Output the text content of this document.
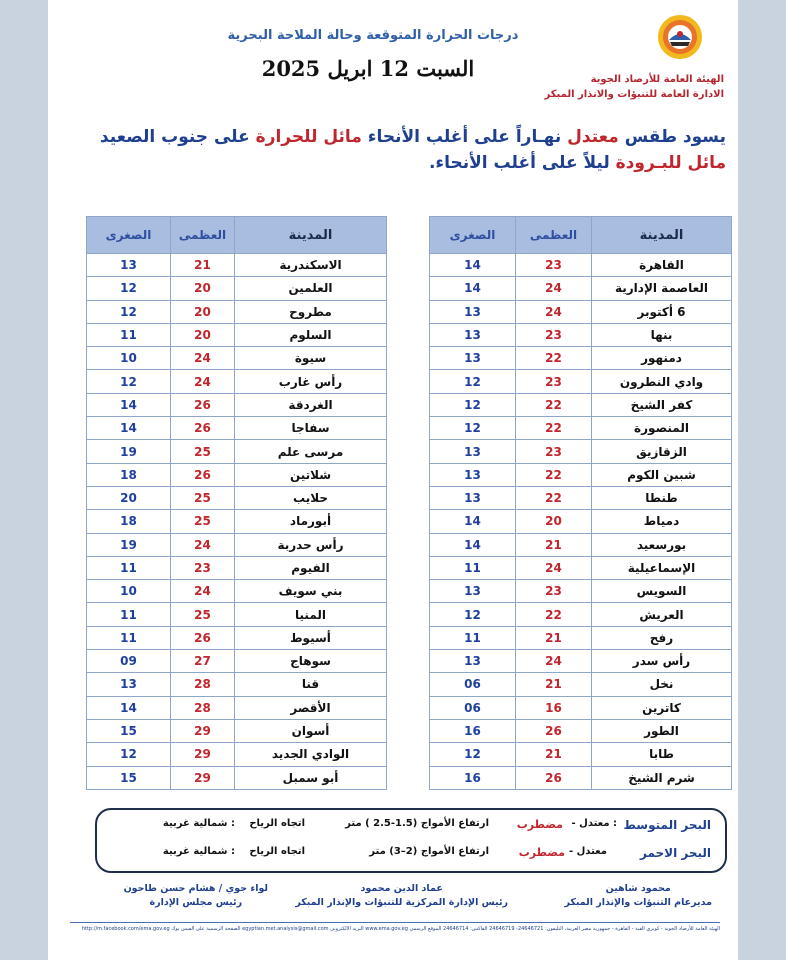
درجات الحرارة المتوقعة وحالة الملاحة البحرية
السبت 12 ابريل 2025	الهيئة العامة للأرصاد الجوية
الادارة العامة للتنبؤات والانذار المبكر
يسود طقس معتدل نهـاراً على أغلب الأنحاء مائل للحرارة على جنوب الصعيد مائل للبـرودة ليلاً على أغلب الأنحاء.
المدينة	العظمى	الصغرى
القاهرة	23	14
العاصمة الإدارية	24	14
6 أكتوبر	24	13
بنها	23	13
دمنهور	22	13
وادي النطرون	23	12
كفر الشيخ	22	12
المنصورة	22	12
الزقازيق	23	13
شبين الكوم	22	13
طنطا	22	13
دمياط	20	14
بورسعيد	21	14
الإسماعيلية	24	11
السويس	23	13
العريش	22	12
رفح	21	11
رأس سدر	24	13
نخل	21	06
كاترين	16	06
الطور	26	16
طابا	21	12
شرم الشيخ	26	16
المدينة	العظمى	الصغرى
الاسكندرية	21	13
العلمين	20	12
مطروح	20	12
السلوم	20	11
سيوة	24	10
رأس غارب	24	12
الغردقة	26	14
سفاجا	26	14
مرسى علم	25	19
شلاتين	26	18
حلايب	25	20
أبورماد	25	18
رأس حدربة	24	19
الفيوم	23	11
بني سويف	24	10
المنيا	25	11
أسيوط	26	11
سوهاج	27	09
قنا	28	13
الأقصر	28	14
أسوان	29	15
الوادي الجديد	29	12
أبو سمبل	29	15
البحر المتوسط
: معتدل -
مضطرب
ارتفاع الأمواج (1.5-2.5 ) متر
اتجاه الرياح
: شمالية غربية
البحر الاحمر
معتدل -
مضطرب
ارتفاع الأمواج (2–3) متر
اتجاه الرياح
: شمالية غربية
محمود شاهين
مديرعام التنبؤات والإنذار المبكر
عماد الدين محمود
رئيس الإدارة المركزية للتنبؤات والإنذار المبكر
لواء جوي / هشام حسن طاحون
رئيس مجلس الإدارة
الهيئة العامة للأرصاد الجوية - كوبري القبة - القاهرة - جمهورية مصر العربية، التليفون: 24646721- 24646719 الفاكس: 24646714 الموقع الرسمي www.ema.gov.eg البريد الالكتروني egyptian.met.analysis@gmail.com الصفحة الرسمية على الفيس بوك http://m.facebook.com/ema.gov.eg
